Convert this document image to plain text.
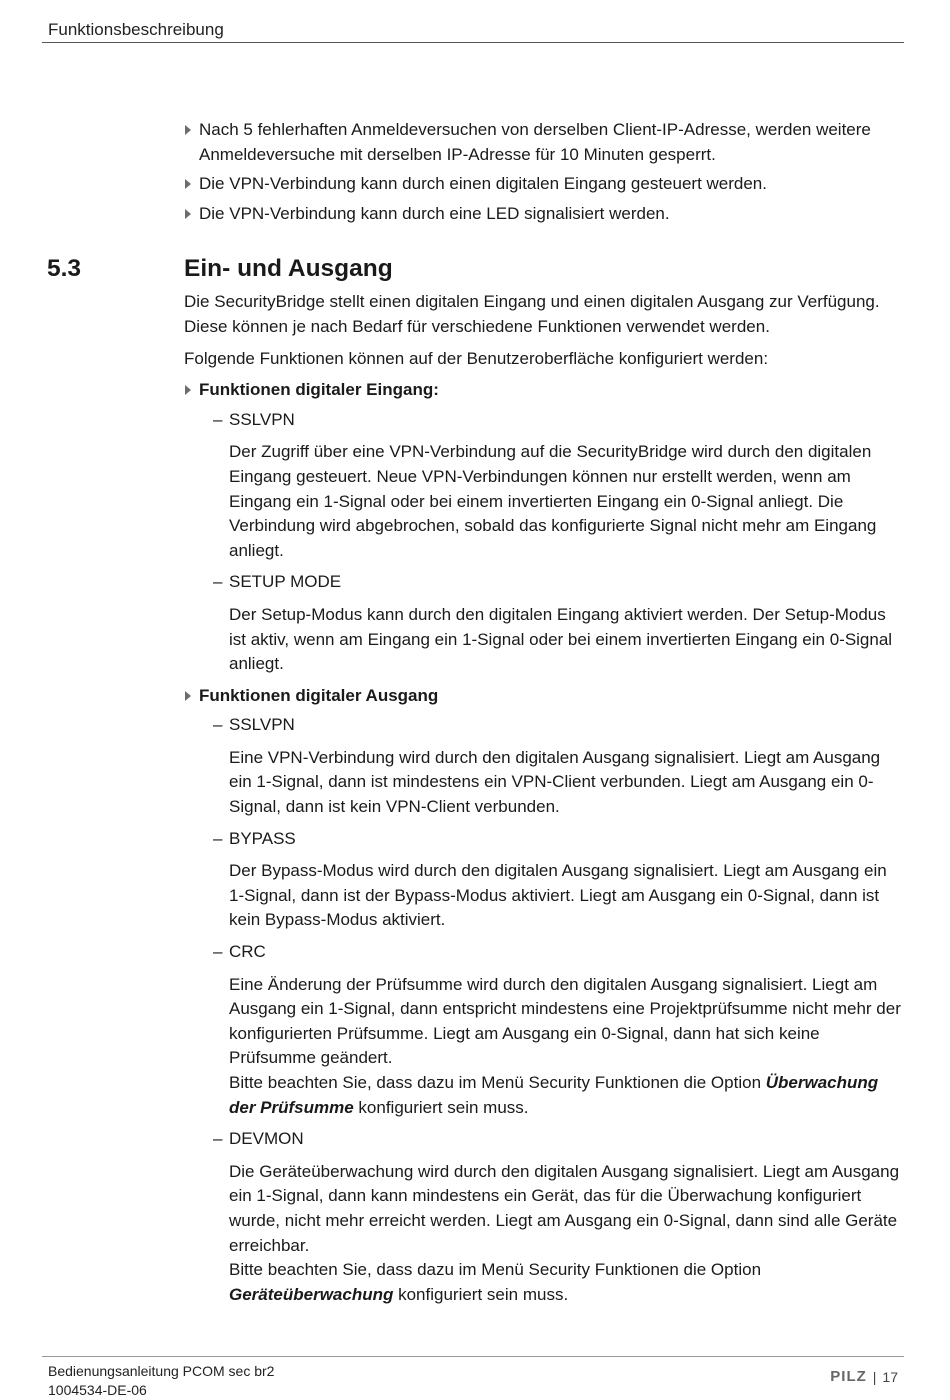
Funktionsbeschreibung
Nach 5 fehlerhaften Anmeldeversuchen von derselben Client-IP-Adresse, werden weitere Anmeldeversuche mit derselben IP-Adresse für 10 Minuten gesperrt.
Die VPN-Verbindung kann durch einen digitalen Eingang gesteuert werden.
Die VPN-Verbindung kann durch eine LED signalisiert werden.
5.3	Ein- und Ausgang
Die SecurityBridge stellt einen digitalen Eingang und einen digitalen Ausgang zur Verfügung. Diese können je nach Bedarf für verschiedene Funktionen verwendet werden.
Folgende Funktionen können auf der Benutzeroberfläche konfiguriert werden:
Funktionen digitaler Eingang:
– SSLVPN
Der Zugriff über eine VPN-Verbindung auf die SecurityBridge wird durch den digitalen Eingang gesteuert. Neue VPN-Verbindungen können nur erstellt werden, wenn am Eingang ein 1-Signal oder bei einem invertierten Eingang ein 0-Signal anliegt. Die Verbindung wird abgebrochen, sobald das konfigurierte Signal nicht mehr am Eingang anliegt.
– SETUP MODE
Der Setup-Modus kann durch den digitalen Eingang aktiviert werden. Der Setup-Modus ist aktiv, wenn am Eingang ein 1-Signal oder bei einem invertierten Eingang ein 0-Signal anliegt.
Funktionen digitaler Ausgang
– SSLVPN
Eine VPN-Verbindung wird durch den digitalen Ausgang signalisiert. Liegt am Ausgang ein 1-Signal, dann ist mindestens ein VPN-Client verbunden. Liegt am Ausgang ein 0-Signal, dann ist kein VPN-Client verbunden.
– BYPASS
Der Bypass-Modus wird durch den digitalen Ausgang signalisiert. Liegt am Ausgang ein 1-Signal, dann ist der Bypass-Modus aktiviert. Liegt am Ausgang ein 0-Signal, dann ist kein Bypass-Modus aktiviert.
– CRC
Eine Änderung der Prüfsumme wird durch den digitalen Ausgang signalisiert. Liegt am Ausgang ein 1-Signal, dann entspricht mindestens eine Projektprüfsumme nicht mehr der konfigurierten Prüfsumme. Liegt am Ausgang ein 0-Signal, dann hat sich keine Prüfsumme geändert.
Bitte beachten Sie, dass dazu im Menü Security Funktionen die Option Überwachung der Prüfsumme konfiguriert sein muss.
– DEVMON
Die Geräteüberwachung wird durch den digitalen Ausgang signalisiert. Liegt am Ausgang ein 1-Signal, dann kann mindestens ein Gerät, das für die Überwachung konfiguriert wurde, nicht mehr erreicht werden. Liegt am Ausgang ein 0-Signal, dann sind alle Geräte erreichbar.
Bitte beachten Sie, dass dazu im Menü Security Funktionen die Option Geräteüberwachung konfiguriert sein muss.
Bedienungsanleitung PCOM sec br2
1004534-DE-06
PILZ | 17
